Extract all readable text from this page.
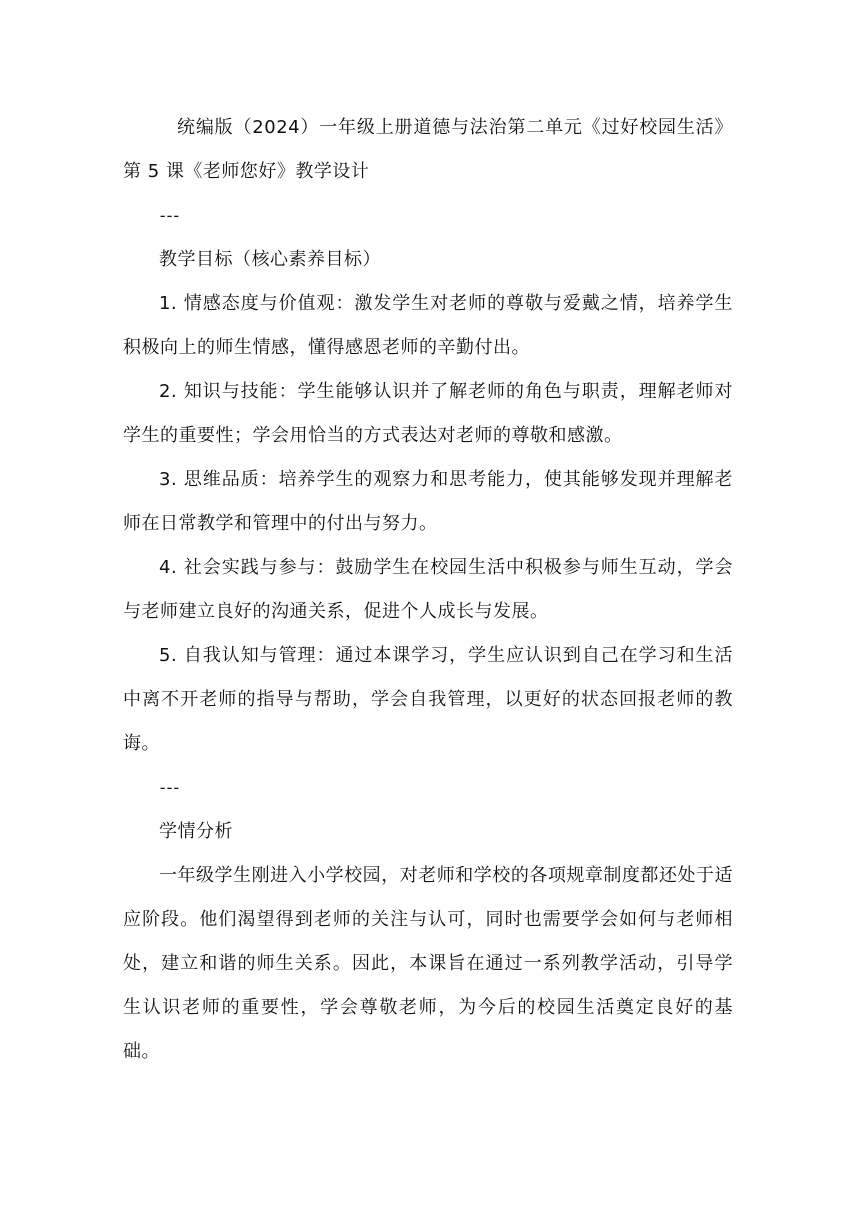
统编版（2024）一年级上册道德与法治第二单元《过好校园生活》第 5 课《老师您好》教学设计

---

教学目标（核心素养目标）

1. 情感态度与价值观：激发学生对老师的尊敬与爱戴之情，培养学生积极向上的师生情感，懂得感恩老师的辛勤付出。

2. 知识与技能：学生能够认识并了解老师的角色与职责，理解老师对学生的重要性；学会用恰当的方式表达对老师的尊敬和感激。

3. 思维品质：培养学生的观察力和思考能力，使其能够发现并理解老师在日常教学和管理中的付出与努力。

4. 社会实践与参与：鼓励学生在校园生活中积极参与师生互动，学会与老师建立良好的沟通关系，促进个人成长与发展。

5. 自我认知与管理：通过本课学习，学生应认识到自己在学习和生活中离不开老师的指导与帮助，学会自我管理，以更好的状态回报老师的教诲。

---

学情分析

一年级学生刚进入小学校园，对老师和学校的各项规章制度都还处于适应阶段。他们渴望得到老师的关注与认可，同时也需要学会如何与老师相处，建立和谐的师生关系。因此，本课旨在通过一系列教学活动，引导学生认识老师的重要性，学会尊敬老师，为今后的校园生活奠定良好的基础。
